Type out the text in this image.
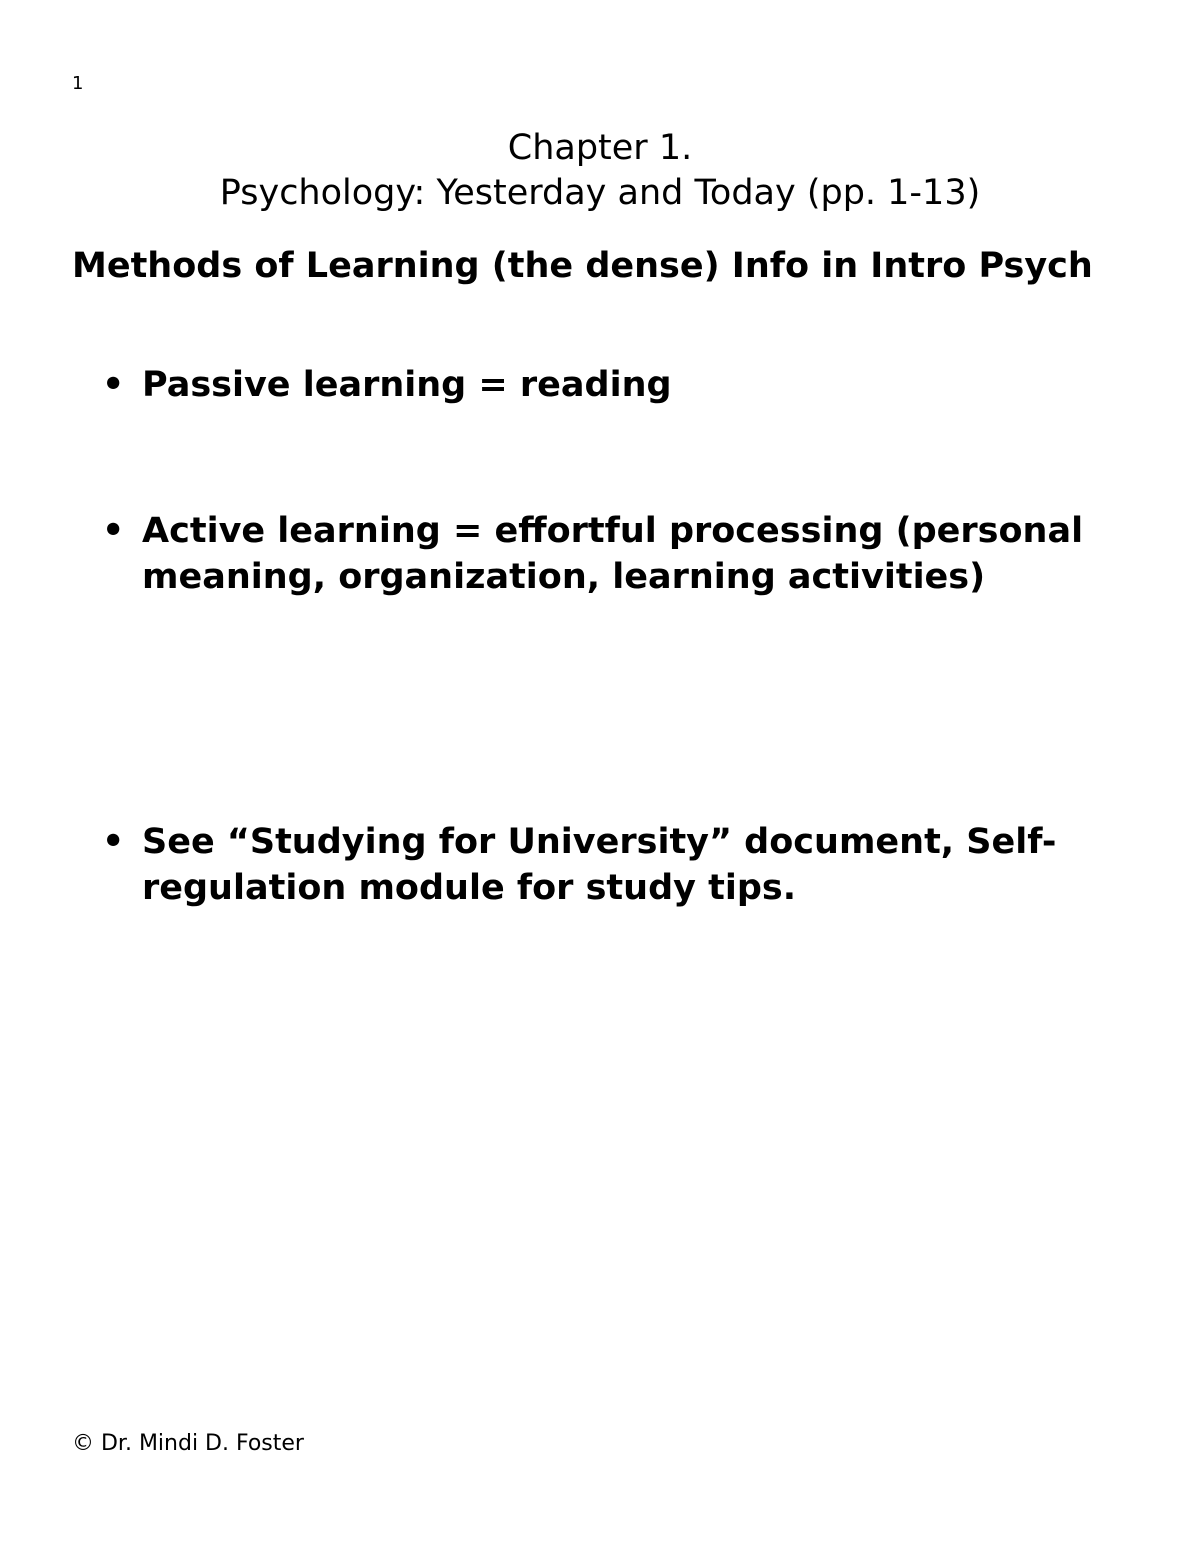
1
Chapter 1.
Psychology: Yesterday and Today (pp. 1-13)
Methods of Learning (the dense) Info in Intro Psych
• Passive learning = reading
• Active learning = effortful processing (personal meaning, organization, learning activities)
• See “Studying for University” document, Self-regulation module for study tips.
© Dr. Mindi D. Foster
